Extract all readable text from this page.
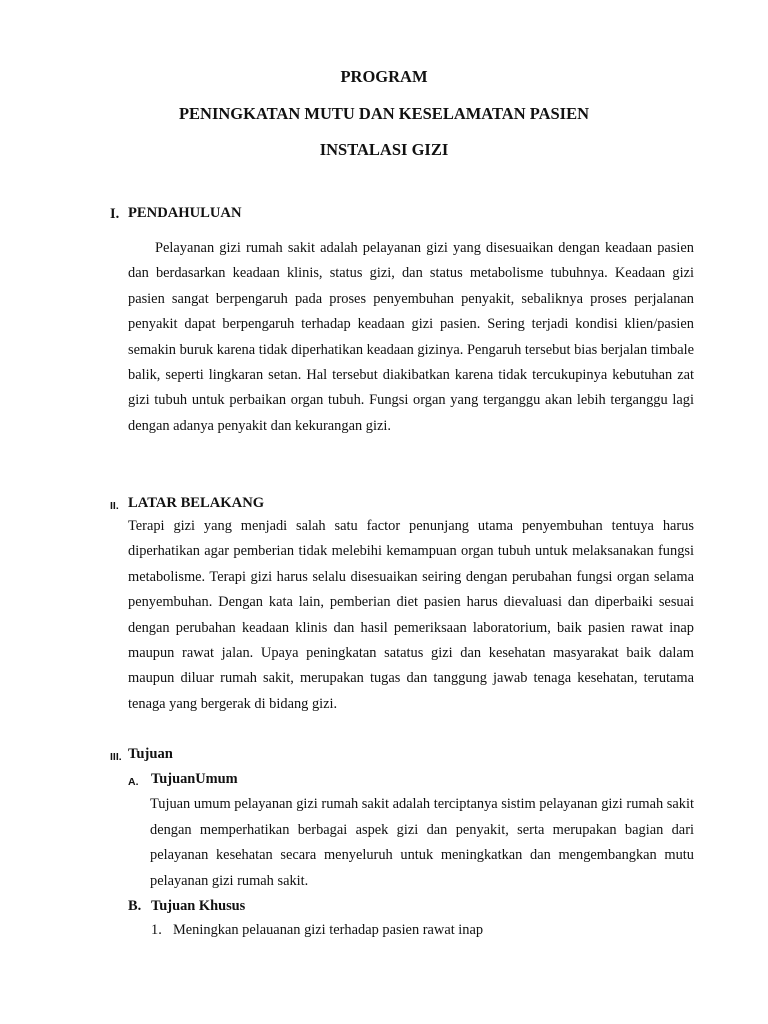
PROGRAM
PENINGKATAN MUTU DAN KESELAMATAN PASIEN
INSTALASI GIZI
I. PENDAHULUAN

Pelayanan gizi rumah sakit adalah pelayanan gizi yang disesuaikan dengan keadaan pasien dan berdasarkan keadaan klinis, status gizi, dan status metabolisme tubuhnya. Keadaan gizi pasien sangat berpengaruh pada proses penyembuhan penyakit, sebaliknya proses perjalanan penyakit dapat berpengaruh terhadap keadaan gizi pasien. Sering terjadi kondisi klien/pasien semakin buruk karena tidak diperhatikan keadaan gizinya. Pengaruh tersebut bias berjalan timbale balik, seperti lingkaran setan. Hal tersebut diakibatkan karena tidak tercukupinya kebutuhan zat gizi tubuh untuk perbaikan organ tubuh. Fungsi organ yang terganggu akan lebih terganggu lagi dengan adanya penyakit dan kekurangan gizi.

II. LATAR BELAKANG

Terapi gizi yang menjadi salah satu factor penunjang utama penyembuhan tentuya harus diperhatikan agar pemberian tidak melebihi kemampuan organ tubuh untuk melaksanakan fungsi metabolisme. Terapi gizi harus selalu disesuaikan seiring dengan perubahan fungsi organ selama penyembuhan. Dengan kata lain, pemberian diet pasien harus dievaluasi dan diperbaiki sesuai dengan perubahan keadaan klinis dan hasil pemeriksaan laboratorium, baik pasien rawat inap maupun rawat jalan. Upaya peningkatan satatus gizi dan kesehatan masyarakat baik dalam maupun diluar rumah sakit, merupakan tugas dan tanggung jawab tenaga kesehatan, terutama tenaga yang bergerak di bidang gizi.

III. Tujuan
A. TujuanUmum

Tujuan umum pelayanan gizi rumah sakit adalah terciptanya sistim pelayanan gizi rumah sakit dengan memperhatikan berbagai aspek gizi dan penyakit, serta merupakan bagian dari pelayanan kesehatan secara menyeluruh untuk meningkatkan dan mengembangkan mutu pelayanan gizi rumah sakit.

B. Tujuan Khusus
1. Meningkan pelauanan gizi terhadap pasien rawat inap
